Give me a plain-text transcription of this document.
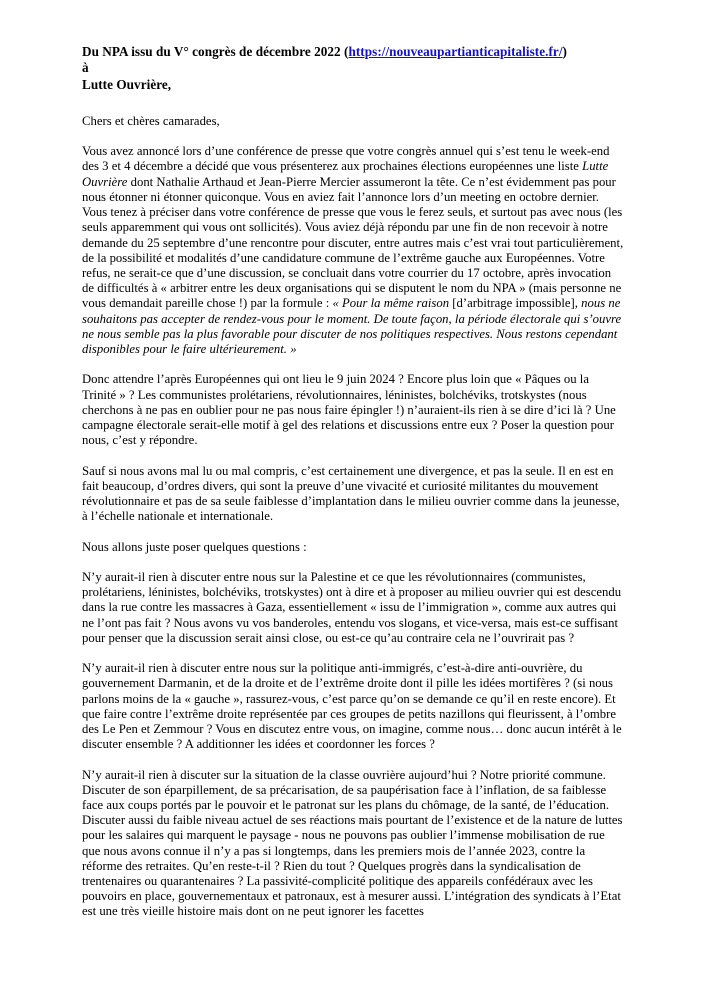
Du NPA issu du V° congrès de décembre 2022 (https://nouveaupartianticapitaliste.fr/)
à
Lutte Ouvrière,

Chers et chères camarades,

Vous avez annoncé lors d’une conférence de presse que votre congrès annuel qui s’est tenu le week-end des 3 et 4 décembre a décidé que vous présenterez aux prochaines élections européennes une liste Lutte Ouvrière dont Nathalie Arthaud et Jean-Pierre Mercier assumeront la tête. Ce n’est évidemment pas pour nous étonner ni étonner quiconque. Vous en aviez fait l’annonce lors d’un meeting en octobre dernier. Vous tenez à préciser dans votre conférence de presse que vous le ferez seuls, et surtout pas avec nous (les seuls apparemment qui vous ont sollicités). Vous aviez déjà répondu par une fin de non recevoir à notre demande du 25 septembre d’une rencontre pour discuter, entre autres mais c’est vrai tout particulièrement, de la possibilité et modalités d’une candidature commune de l’extrême gauche aux Européennes. Votre refus, ne serait-ce que d’une discussion, se concluait dans votre courrier du 17 octobre, après invocation de difficultés à « arbitrer entre les deux organisations qui se disputent le nom du NPA » (mais personne ne vous demandait pareille chose !) par la formule : « Pour la même raison [d’arbitrage impossible], nous ne souhaitons pas accepter de rendez-vous pour le moment. De toute façon, la période électorale qui s’ouvre ne nous semble pas la plus favorable pour discuter de nos politiques respectives. Nous restons cependant disponibles pour le faire ultérieurement. »

Donc attendre l’après Européennes qui ont lieu le 9 juin 2024 ? Encore plus loin que « Pâques ou la Trinité » ? Les communistes prolétariens, révolutionnaires, léninistes, bolchéviks, trotskystes (nous cherchons à ne pas en oublier pour ne pas nous faire épingler !) n’auraient-ils rien à se dire d’ici là ? Une campagne électorale serait-elle motif à gel des relations et discussions entre eux ? Poser la question pour nous, c’est y répondre.

Sauf si nous avons mal lu ou mal compris, c’est certainement une divergence, et pas la seule. Il en est en fait beaucoup, d’ordres divers, qui sont la preuve d’une vivacité et curiosité militantes du mouvement révolutionnaire et pas de sa seule faiblesse d’implantation dans le milieu ouvrier comme dans la jeunesse, à l’échelle nationale et internationale.

Nous allons juste poser quelques questions :

N’y aurait-il rien à discuter entre nous sur la Palestine et ce que les révolutionnaires (communistes, prolétariens, léninistes, bolchéviks, trotskystes) ont à dire et à proposer au milieu ouvrier qui est descendu dans la rue contre les massacres à Gaza, essentiellement « issu de l’immigration », comme aux autres qui ne l’ont pas fait ? Nous avons vu vos banderoles, entendu vos slogans, et vice-versa, mais est-ce suffisant pour penser que la discussion serait ainsi close, ou est-ce qu’au contraire cela ne l’ouvrirait pas ?

N’y aurait-il rien à discuter entre nous sur la politique anti-immigrés, c’est-à-dire anti-ouvrière, du gouvernement Darmanin, et de la droite et de l’extrême droite dont il pille les idées mortifères ? (si nous parlons moins de la « gauche », rassurez-vous, c’est parce qu’on se demande ce qu’il en reste encore). Et que faire contre l’extrême droite représentée par ces groupes de petits nazillons qui fleurissent, à l’ombre des Le Pen et Zemmour ? Vous en discutez entre vous, on imagine, comme nous… donc aucun intérêt à le discuter ensemble ? A additionner les idées et coordonner les forces ?

N’y aurait-il rien à discuter sur la situation de la classe ouvrière aujourd’hui ? Notre priorité commune. Discuter de son éparpillement, de sa précarisation, de sa paupérisation face à l’inflation, de sa faiblesse face aux coups portés par le pouvoir et le patronat sur les plans du chômage, de la santé, de l’éducation. Discuter aussi du faible niveau actuel de ses réactions mais pourtant de l’existence et de la nature de luttes pour les salaires qui marquent le paysage - nous ne pouvons pas oublier l’immense mobilisation de rue que nous avons connue il n’y a pas si longtemps, dans les premiers mois de l’année 2023, contre la réforme des retraites. Qu’en reste-t-il ? Rien du tout ? Quelques progrès dans la syndicalisation de trentenaires ou quarantenaires ? La passivité-complicité politique des appareils confédéraux avec les pouvoirs en place, gouvernementaux et patronaux, est à mesurer aussi. L’intégration des syndicats à l’Etat est une très vieille histoire mais dont on ne peut ignorer les facettes
